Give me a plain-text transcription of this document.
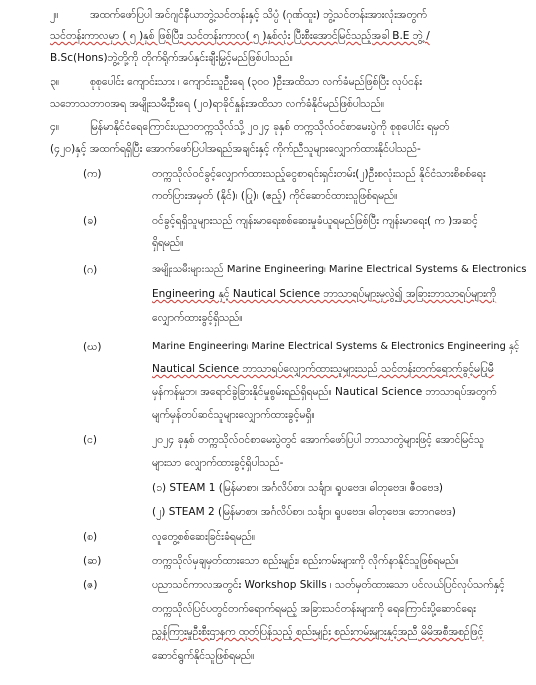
၂။	အထက်ဖော်ပြပါ အင်ဂျင်နီယာဘွဲ့သင်တန်းနှင့် သိပ္ပံ (ဂုဏ်ထူး) ဘွဲ့သင်တန်းအားလုံးအတွက်
သင်တန်းကာလမှာ ( ၅ )နှစ် ဖြစ်ပြီး၊ သင်တန်းကာလ( ၅ )နှစ်လုံး ပြီးစီးအောင်မြင်သည့်အခါ B.E ဘွဲ့ /
B.Sc(Hons)ဘွဲ့တို့ကို တိုက်ရိုက်အပ်နှင်းချီးမြှင့်မည်ဖြစ်ပါသည်။
၃။	စုစုပေါင်း ကျောင်းသား ၊ ကျောင်းသူဦးရေ (၃၀၀ )ဦးအထိသာ လက်ခံမည်ဖြစ်ပြီး လုပ်ငန်း
သဘောသဘာဝအရ အမျိုးသမီးဦးရေ (၂၀)ရာခိုင်နှုန်းအထိသာ လက်ခံနိုင်မည်ဖြစ်ပါသည်။
၄။	မြန်မာနိုင်ငံရေကြောင်းပညာတက္ကသိုလ်သို့ ၂၀၂၄ ခုနှစ် တက္ကသိုလ်ဝင်စာမေးပွဲကို စုစုပေါင်း ရမှတ်
(၄၂၀)နှင့် အထက်ရရှိပြီး အောက်ဖော်ပြပါအရည်အချင်းနှင့် ကိုက်ညီသူများလျှောက်ထားနိုင်ပါသည်-
(က)	တက္ကသိုလ်ဝင်ခွင့်လျှောက်ထားသည့်ငွေစာရင်းရှင်းတမ်း(၂)ဦးစလုံးသည် နိုင်ငံသားစိစစ်ရေး
ကတ်ပြားအမှတ် (နိုင်)၊ (ပြု)၊ (ဧည့်) ကိုင်ဆောင်ထားသူဖြစ်ရမည်။
(ခ)	ဝင်ခွင့်ရရှိသူများသည် ကျန်းမာရေးစစ်ဆေးမှုခံယူရမည်ဖြစ်ပြီး ကျန်းမာရေး( က )အဆင့်
ရှိရမည်။
(ဂ)	အမျိုးသမီးများသည် Marine Engineering၊ Marine Electrical Systems & Electronics
Engineering နှင့် Nautical Science ဘာသာရပ်များမှလွဲ၍ အခြားဘာသာရပ်များကို
လျှောက်ထားခွင့်ရှိသည်။
(ဃ)	Marine Engineering၊ Marine Electrical Systems & Electronics Engineering နှင့်
Nautical Science ဘာသာရပ်လျှောက်ထားသူများသည် သင်တန်းတက်ရောက်ခွင့်မပြုမီ
မှန်ကန်မှုဘ၊ အရောင်ခွဲခြားနိုင်မှုစွမ်းရည်ရှိရမည်။ Nautical Science ဘာသာရပ်အတွက်
မျက်မှန်တပ်ဆင်သူများလျှောက်ထားခွင့်မရှိ။
(င)	၂၀၂၄ ခုနှစ် တက္ကသိုလ်ဝင်စာမေးပွဲတွင် အောက်ဖော်ပြပါ ဘာသာတွဲများဖြင့် အောင်မြင်သူ
များသာ လျှောက်ထားခွင့်ရှိပါသည်-
(၁) STEAM 1 (မြန်မာစာ၊ အင်္ဂလိပ်စာ၊ သင်္ချာ၊ ရူပဗေဒ၊ ဓါတုဗေဒ၊ ဇီဝဗေဒ)
(၂) STEAM 2 (မြန်မာစာ၊ အင်္ဂလိပ်စာ၊ သင်္ချာ၊ ရူပဗေဒ၊ ဓါတုဗေဒ၊ ဘောဂဗေဒ)
(စ)	လူတွေ့စစ်ဆေးခြင်းခံရမည်။
(ဆ)	တက္ကသိုလ်မှချမှတ်ထားသော စည်းမျဉ်း၊ စည်းကမ်းများကို လိုက်နာနိုင်သူဖြစ်ရမည်။
(ဇ)	ပညာသင်ကာလအတွင်း Workshop Skills ၊ သတ်မှတ်ထားသော ပင်လယ်ပြင်လုပ်သက်နှင့်
တက္ကသိုလ်ပြင်ပတွင်တက်ရောက်ရမည့် အခြားသင်တန်းများကို ရေကြောင်းပို့ဆောင်ရေး
ညွှန်ကြားမှုဦးစီးဌာနက ထုတ်ပြန်သည့် စည်းမျဉ်း စည်းကမ်းများနှင့်အညီ မိမိအစီအစဉ်ဖြင့်
ဆောင်ရွက်နိုင်သူဖြစ်ရမည်။
